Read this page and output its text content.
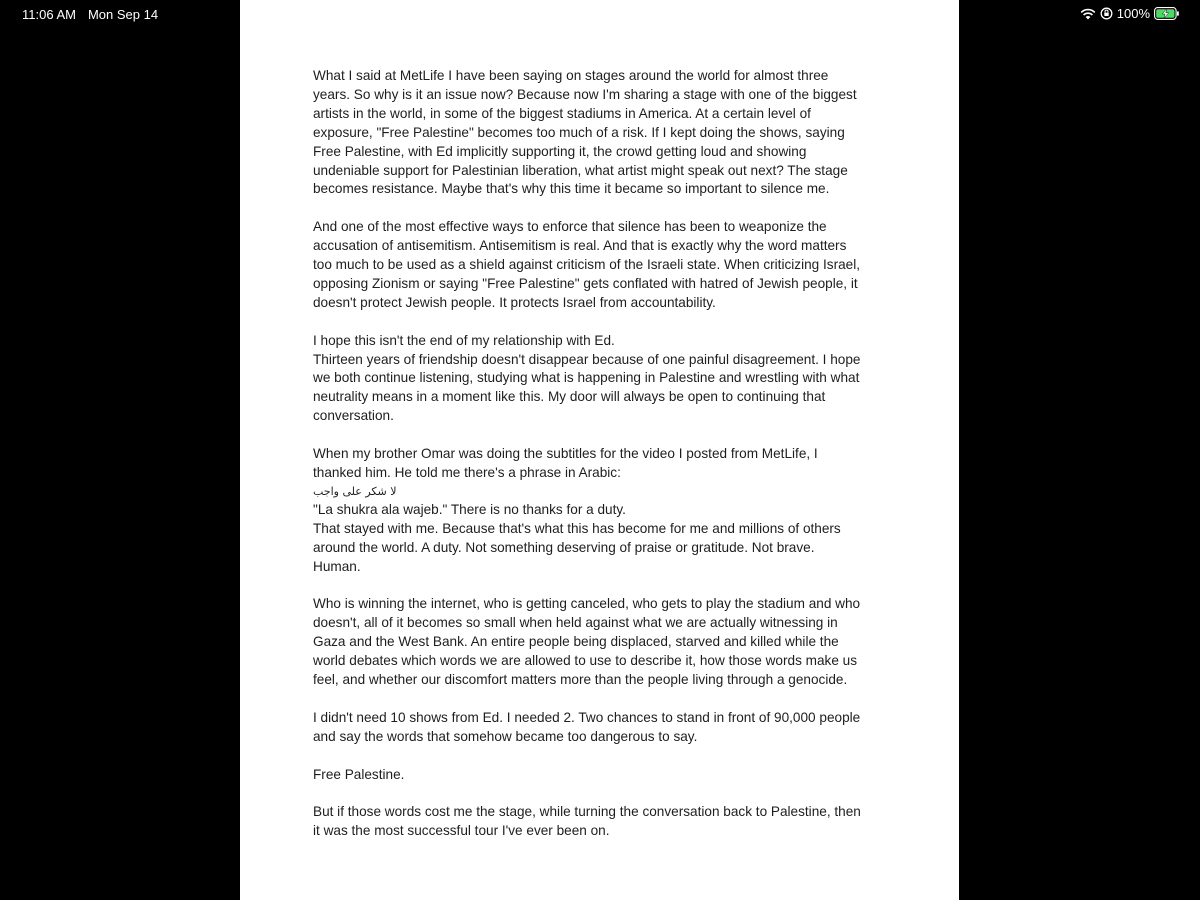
11:06 AM Mon Sep 14	100%

What I said at MetLife I have been saying on stages around the world for almost three
years. So why is it an issue now? Because now I'm sharing a stage with one of the biggest
artists in the world, in some of the biggest stadiums in America. At a certain level of
exposure, "Free Palestine" becomes too much of a risk. If I kept doing the shows, saying
Free Palestine, with Ed implicitly supporting it, the crowd getting loud and showing
undeniable support for Palestinian liberation, what artist might speak out next? The stage
becomes resistance. Maybe that's why this time it became so important to silence me.

And one of the most effective ways to enforce that silence has been to weaponize the
accusation of antisemitism. Antisemitism is real. And that is exactly why the word matters
too much to be used as a shield against criticism of the Israeli state. When criticizing Israel,
opposing Zionism or saying "Free Palestine" gets conflated with hatred of Jewish people, it
doesn't protect Jewish people. It protects Israel from accountability.

I hope this isn't the end of my relationship with Ed.
Thirteen years of friendship doesn't disappear because of one painful disagreement. I hope
we both continue listening, studying what is happening in Palestine and wrestling with what
neutrality means in a moment like this. My door will always be open to continuing that
conversation.

When my brother Omar was doing the subtitles for the video I posted from MetLife, I
thanked him. He told me there's a phrase in Arabic:
لا شكر على واجب
"La shukra ala wajeb." There is no thanks for a duty.
That stayed with me. Because that's what this has become for me and millions of others
around the world. A duty. Not something deserving of praise or gratitude. Not brave.
Human.

Who is winning the internet, who is getting canceled, who gets to play the stadium and who
doesn't, all of it becomes so small when held against what we are actually witnessing in
Gaza and the West Bank. An entire people being displaced, starved and killed while the
world debates which words we are allowed to use to describe it, how those words make us
feel, and whether our discomfort matters more than the people living through a genocide.

I didn't need 10 shows from Ed. I needed 2. Two chances to stand in front of 90,000 people
and say the words that somehow became too dangerous to say.

Free Palestine.

But if those words cost me the stage, while turning the conversation back to Palestine, then
it was the most successful tour I've ever been on.
